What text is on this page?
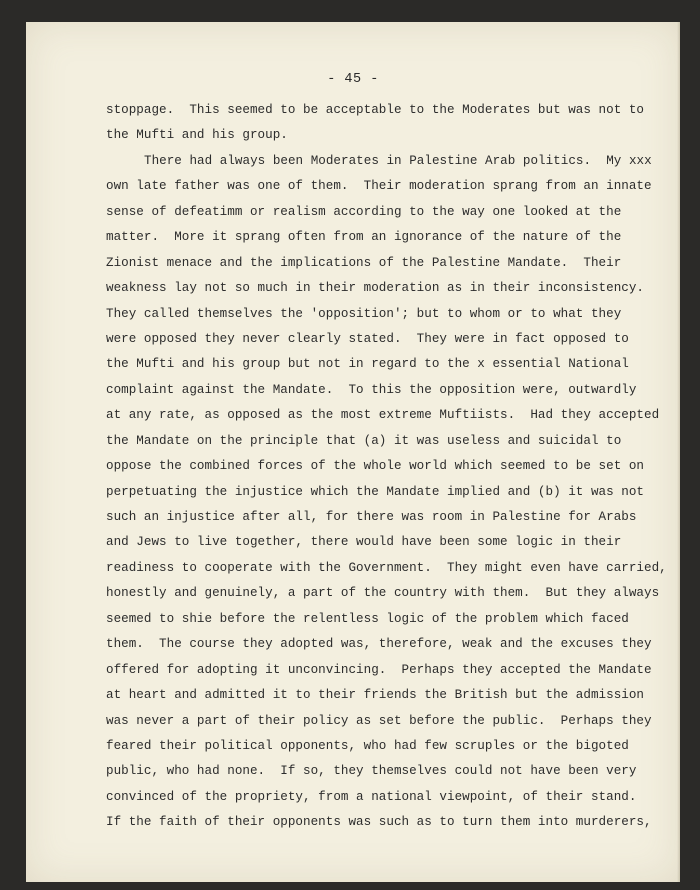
- 45 -
stoppage.  This seemed to be acceptable to the Moderates but was not to
the Mufti and his group.
There had always been Moderates in Palestine Arab politics.  My xxx
own late father was one of them.  Their moderation sprang from an innate
sense of defeatimm or realism according to the way one looked at the
matter.  More it sprang often from an ignorance of the nature of the
Zionist menace and the implications of the Palestine Mandate.  Their
weakness lay not so much in their moderation as in their inconsistency.
They called themselves the 'opposition'; but to whom or to what they
were opposed they never clearly stated.  They were in fact opposed to
the Mufti and his group but not in regard to the x essential National
complaint against the Mandate.  To this the opposition were, outwardly
at any rate, as opposed as the most extreme Muftiists.  Had they accepted
the Mandate on the principle that (a) it was useless and suicidal to
oppose the combined forces of the whole world which seemed to be set on
perpetuating the injustice which the Mandate implied and (b) it was not
such an injustice after all, for there was room in Palestine for Arabs
and Jews to live together, there would have been some logic in their
readiness to cooperate with the Government.  They might even have carried,
honestly and genuinely, a part of the country with them.  But they always
seemed to shie before the relentless logic of the problem which faced
them.  The course they adopted was, therefore, weak and the excuses they
offered for adopting it unconvincing.  Perhaps they accepted the Mandate
at heart and admitted it to their friends the British but the admission
was never a part of their policy as set before the public.  Perhaps they
feared their political opponents, who had few scruples or the bigoted
public, who had none.  If so, they themselves could not have been very
convinced of the propriety, from a national viewpoint, of their stand.
If the faith of their opponents was such as to turn them into murderers,
